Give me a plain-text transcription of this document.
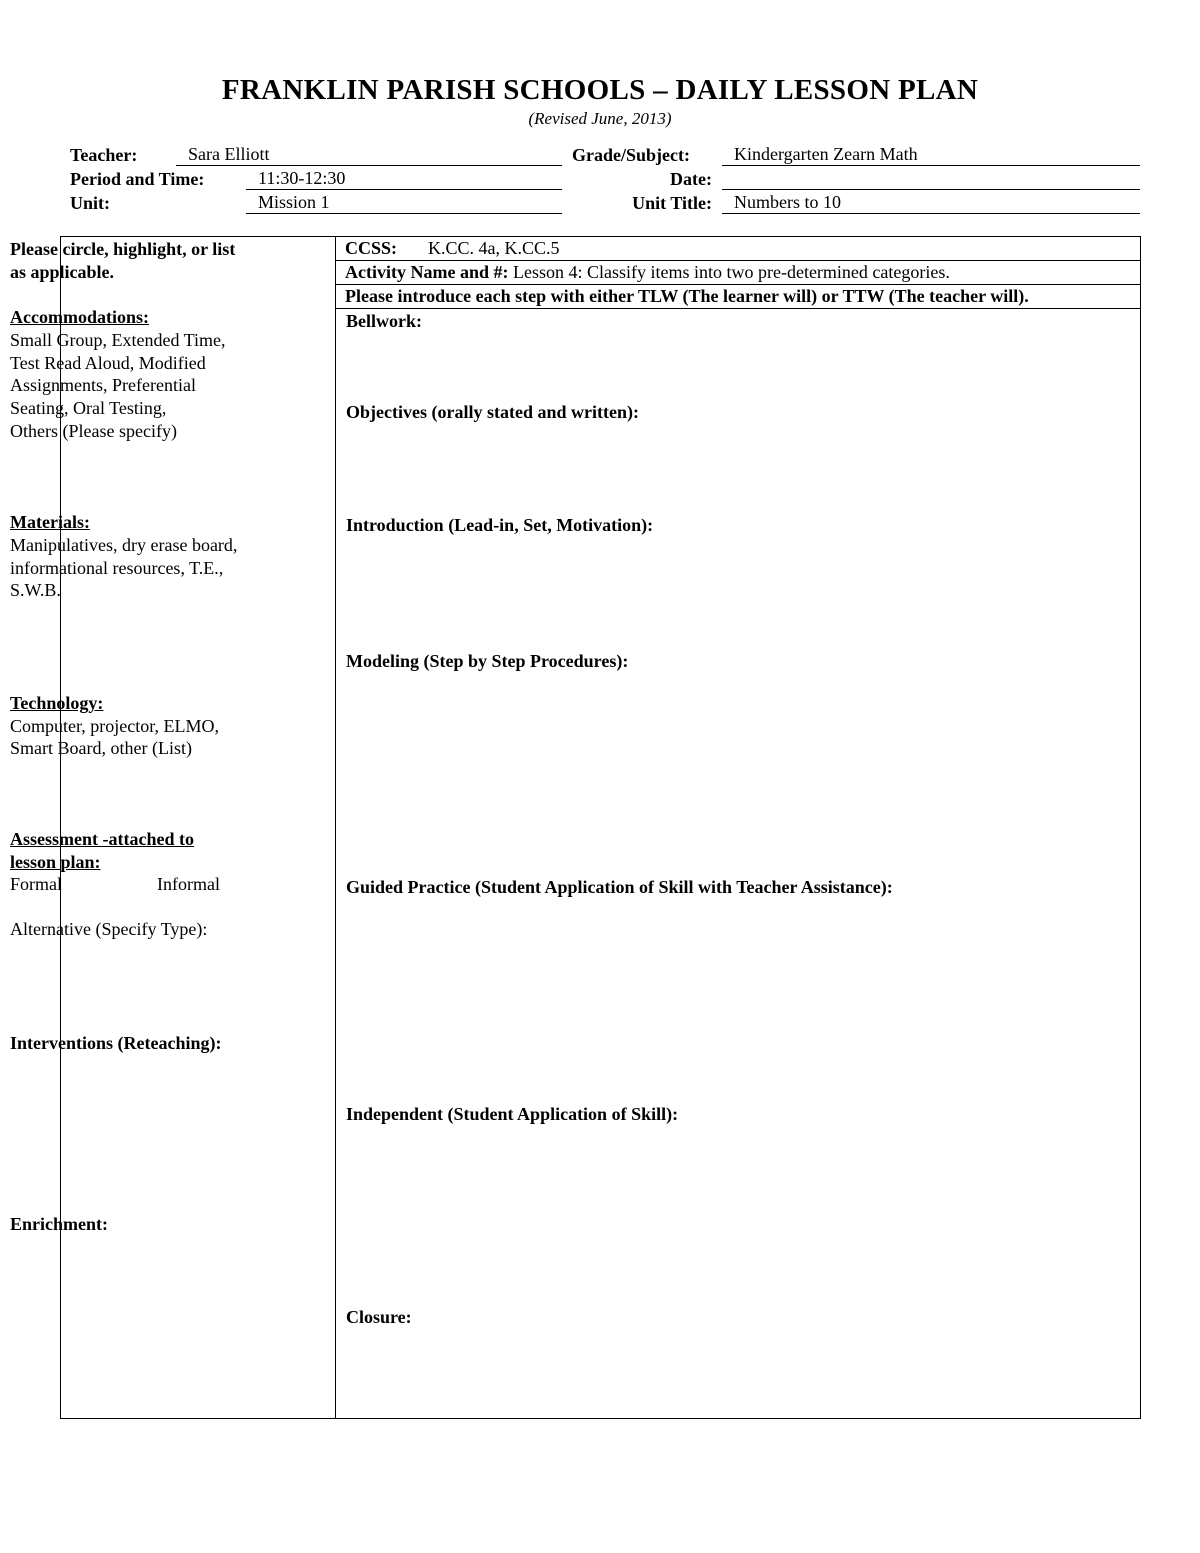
FRANKLIN PARISH SCHOOLS – DAILY LESSON PLAN
(Revised June, 2013)
Teacher:	Sara Elliott	Grade/Subject:	Kindergarten Zearn Math
Period and Time:	11:30-12:30	Date:
Unit:	Mission 1	Unit Title:	Numbers to 10
Please circle, highlight, or list
as applicable.
Accommodations:
Small Group, Extended Time,
Test Read Aloud, Modified
Assignments, Preferential
Seating, Oral Testing,
Others (Please specify)
Materials:
Manipulatives, dry erase board,
informational resources, T.E.,
S.W.B.
Technology:
Computer, projector, ELMO,
Smart Board, other (List)
Assessment -attached to
lesson plan:
Formal	Informal
Alternative (Specify Type):
Interventions (Reteaching):
Enrichment:
CCSS: K.CC. 4a, K.CC.5
Activity Name and #: Lesson 4: Classify items into two pre-determined categories.
Please introduce each step with either TLW (The learner will) or TTW (The teacher will).
Bellwork:
Objectives (orally stated and written):
Introduction (Lead-in, Set, Motivation):
Modeling (Step by Step Procedures):
Guided Practice (Student Application of Skill with Teacher Assistance):
Independent (Student Application of Skill):
Closure:
